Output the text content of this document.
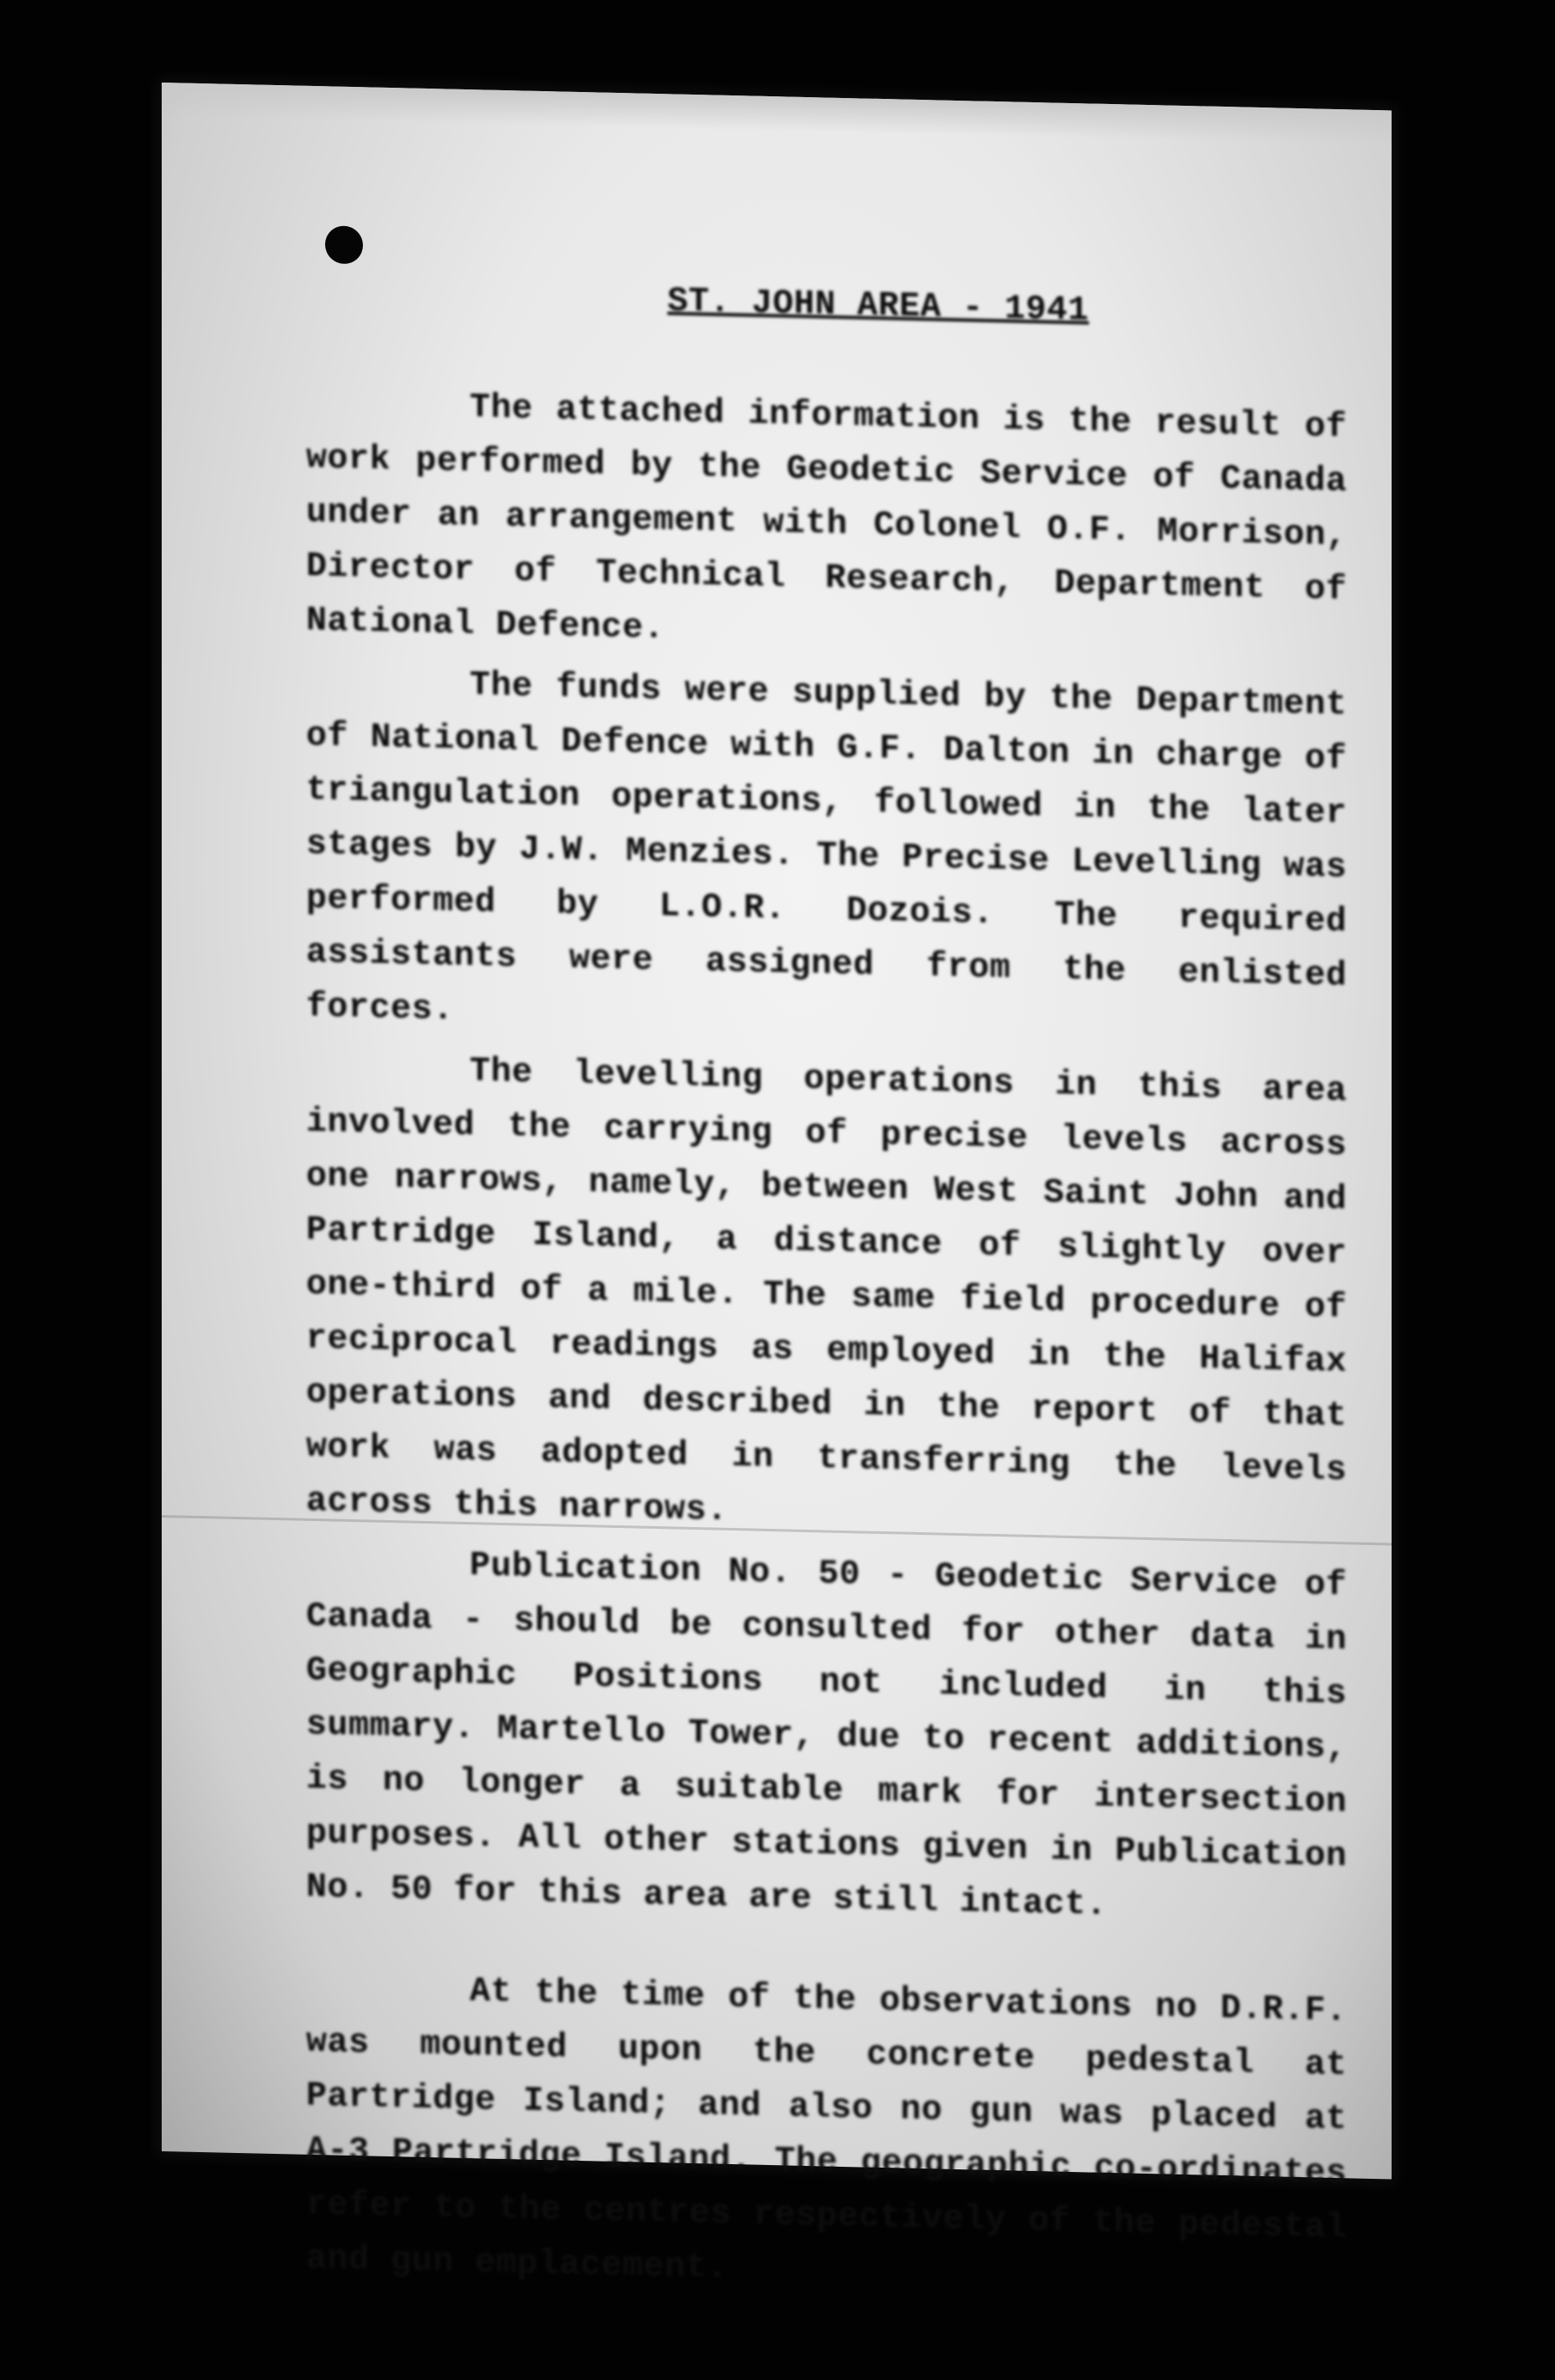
ST. JOHN AREA - 1941

The attached information is the result of work performed by the Geodetic Service of Canada under an arrangement with Colonel O.F. Morrison, Director of Technical Research, Department of National Defence.

The funds were supplied by the Department of National Defence with G.F. Dalton in charge of triangulation operations, followed in the later stages by J.W. Menzies. The Precise Levelling was performed by L.O.R. Dozois. The required assistants were assigned from the enlisted forces.

The levelling operations in this area involved the carrying of precise levels across one narrows, namely, between West Saint John and Partridge Island, a distance of slightly over one-third of a mile. The same field procedure of reciprocal readings as employed in the Halifax operations and described in the report of that work was adopted in transferring the levels across this narrows.

Publication No. 50 - Geodetic Service of Canada - should be consulted for other data in Geographic Positions not included in this summary. Martello Tower, due to recent additions, is no longer a suitable mark for intersection purposes. All other stations given in Publication No. 50 for this area are still intact.

At the time of the observations no D.R.F. was mounted upon the concrete pedestal at Partridge Island; and also no gun was placed at A-3 Partridge Island. The geographic co-ordinates refer to the centres respectively of the pedestal and gun emplacement.
